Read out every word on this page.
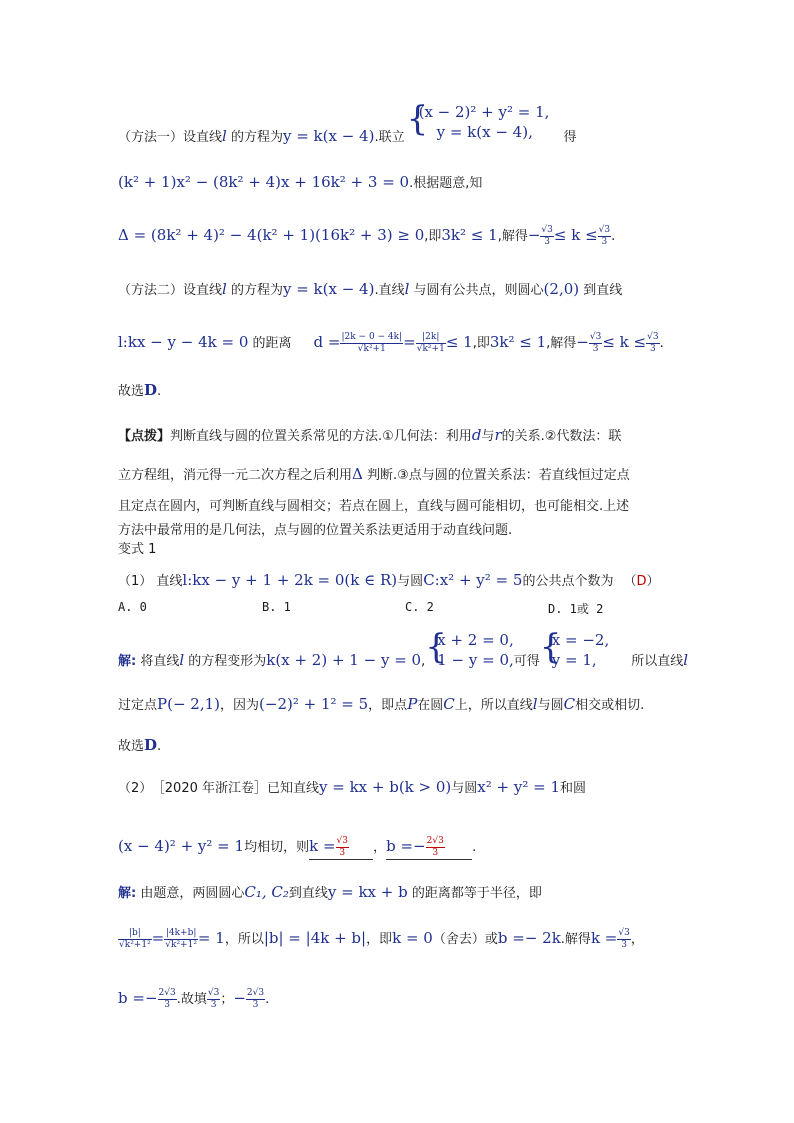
（方法一）设直线l 的方程为y = k(x − 4).联立 {
(x − 2)² + y² = 1,
y = k(x − 4),	得
(k² + 1)x² − (8k² + 4)x + 16k² + 3 = 0.根据题意,知
Δ = (8k² + 4)² − 4(k² + 1)(16k² + 3) ≥ 0,即3k² ≤ 1,解得− $\frac{√3}{3} \le k \le \frac{√3}{3}$ .
（方法二）设直线l 的方程为y = k(x − 4).直线l 与圆有公共点，则圆心(2,0) 到直线
l:kx − y − 4k = 0 的距离 $d = \frac{|2k - 0 - 4k|}{\text{√k²+1}} = \frac{|2k|}{\text{√k²+1}} \le 1$,即3k² ≤ 1,解得− $\frac{√3}{3} \le k \le \frac{√3}{3}$ .
故选D.
【点拨】判断直线与圆的位置关系常见的方法.①几何法：利用d与r的关系.②代数法：联
立方程组，消元得一元二次方程之后利用Δ 判断.③点与圆的位置关系法：若直线恒过定点
且定点在圆内，可判断直线与圆相交；若点在圆上，直线与圆可能相切，也可能相交.上述
方法中最常用的是几何法，点与圆的位置关系法更适用于动直线问题.
变式 1
（1） 直线l:kx − y + 1 + 2k = 0(k ∈ R)与圆C:x² + y² = 5的公共点个数为 （D）
A. 0	B. 1	C. 2	D. 1或 2
解: 将直线l 的方程变形为k(x + 2) + 1 − y = 0, {
x + 2 = 0,
1 − y = 0, 可得 {
x = −2,
y = 1,	所以直线l
过定点P(− 2,1)，因为(−2)² + 1² = 5，即点P在圆C上，所以直线l与圆C相交或相切.
故选D.
（2） ［2020 年浙江卷］已知直线y = kx + b(k > 0)与圆x² + y² = 1和圆
(x − 4)² + y² = 1均相切，则$k = \frac{√3}{3}$ ，$b =- \frac{2√3}{3}$ .
解: 由题意，两圆圆心C₁, C₂到直线y = kx + b 的距离都等于半径，即
$\frac{|b|}{\text{√k²+1²}} = \frac{|4k+b|}{\text{√k²+1²}} = 1$，所以|b| = |4k + b|，即k = 0（舍去）或b =− 2k.解得$k = \frac{√3}{3}$ ，
$b =- \frac{2√3}{3}$ .故填 $\frac{√3}{3}$ ；− $\frac{2√3}{3}$ .
